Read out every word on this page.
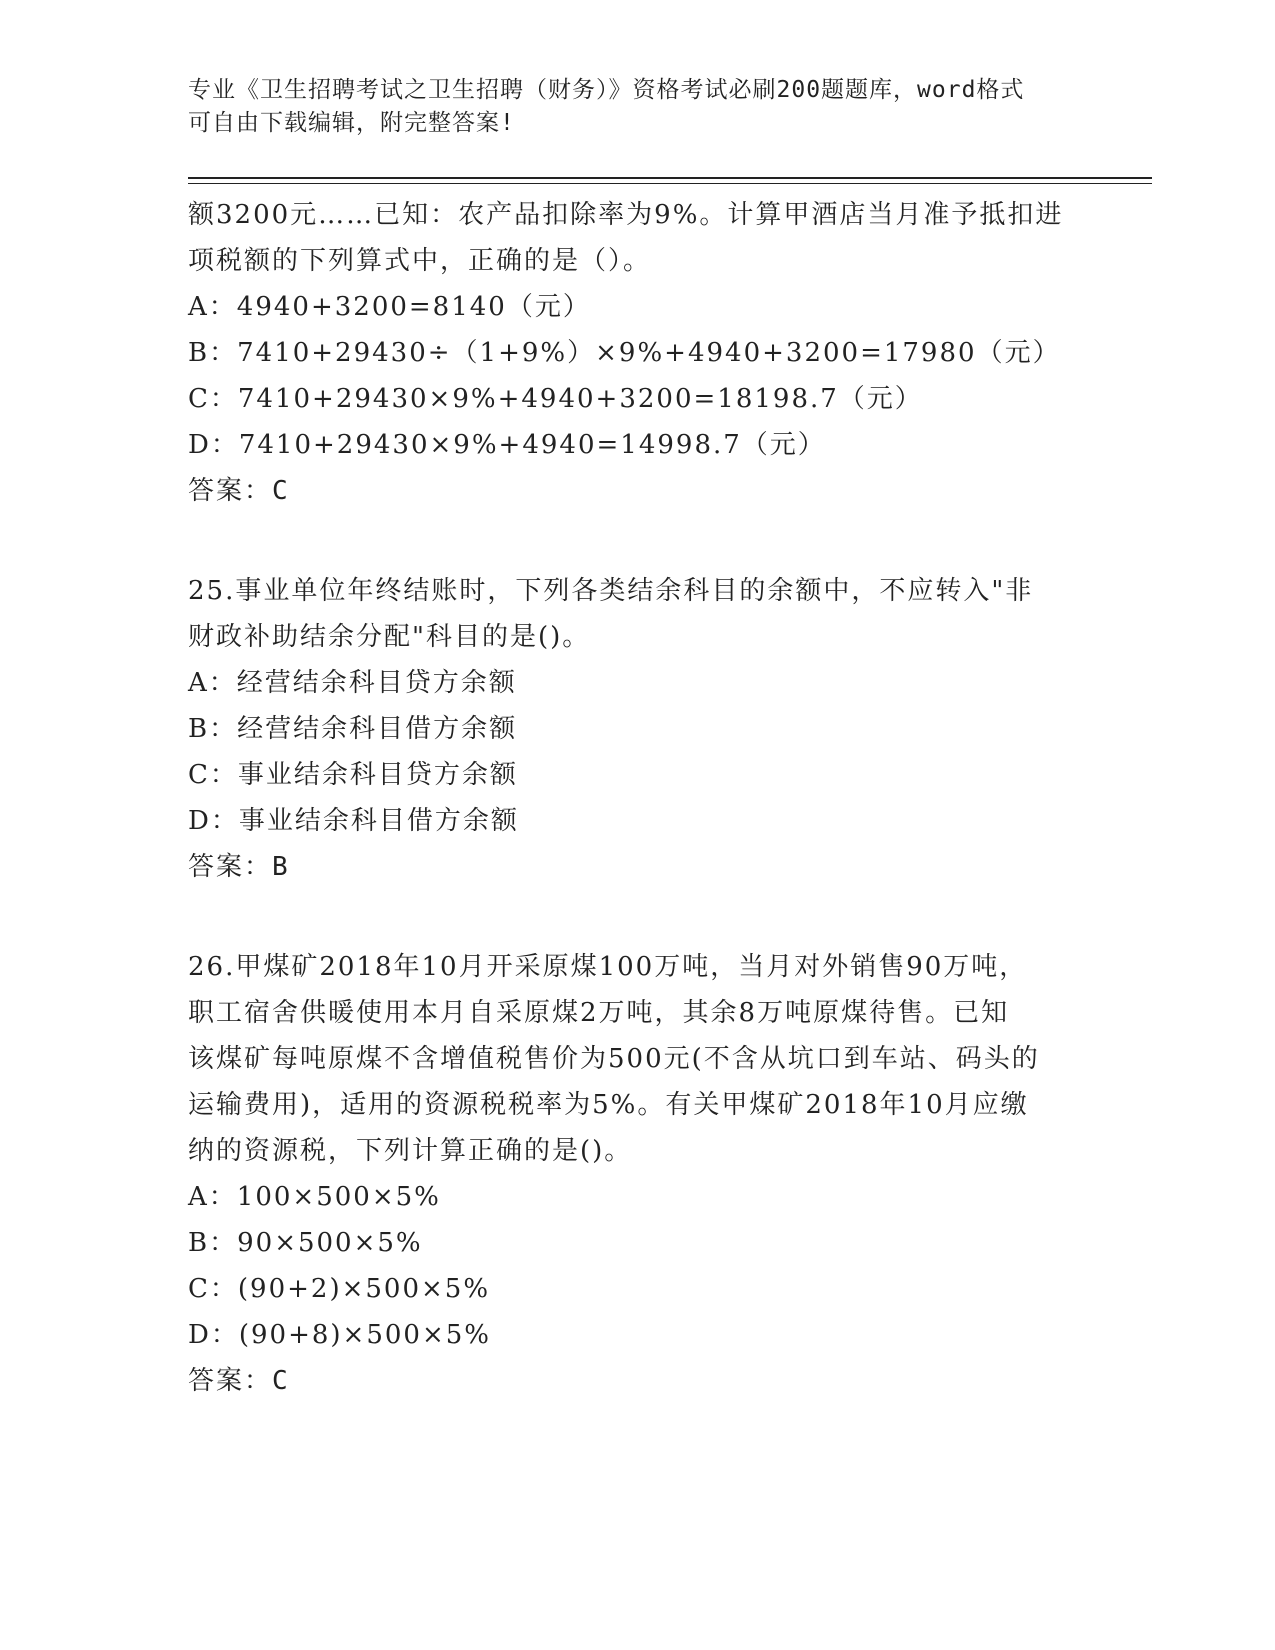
专业《卫生招聘考试之卫生招聘（财务）》资格考试必刷200题题库，word格式
可自由下载编辑，附完整答案!
额3200元……已知：农产品扣除率为9%。计算甲酒店当月准予抵扣进
项税额的下列算式中，正确的是（）。
A：4940+3200=8140（元）
B：7410+29430÷（1+9%）×9%+4940+3200=17980（元）
C：7410+29430×9%+4940+3200=18198.7（元）
D：7410+29430×9%+4940=14998.7（元）
答案：C
25.事业单位年终结账时，下列各类结余科目的余额中，不应转入"非
财政补助结余分配"科目的是()。
A：经营结余科目贷方余额
B：经营结余科目借方余额
C：事业结余科目贷方余额
D：事业结余科目借方余额
答案：B
26.甲煤矿2018年10月开采原煤100万吨，当月对外销售90万吨，
职工宿舍供暖使用本月自采原煤2万吨，其余8万吨原煤待售。已知
该煤矿每吨原煤不含增值税售价为500元(不含从坑口到车站、码头的
运输费用)，适用的资源税税率为5%。有关甲煤矿2018年10月应缴
纳的资源税，下列计算正确的是()。
A：100×500×5%
B：90×500×5%
C：(90+2)×500×5%
D：(90+8)×500×5%
答案：C
